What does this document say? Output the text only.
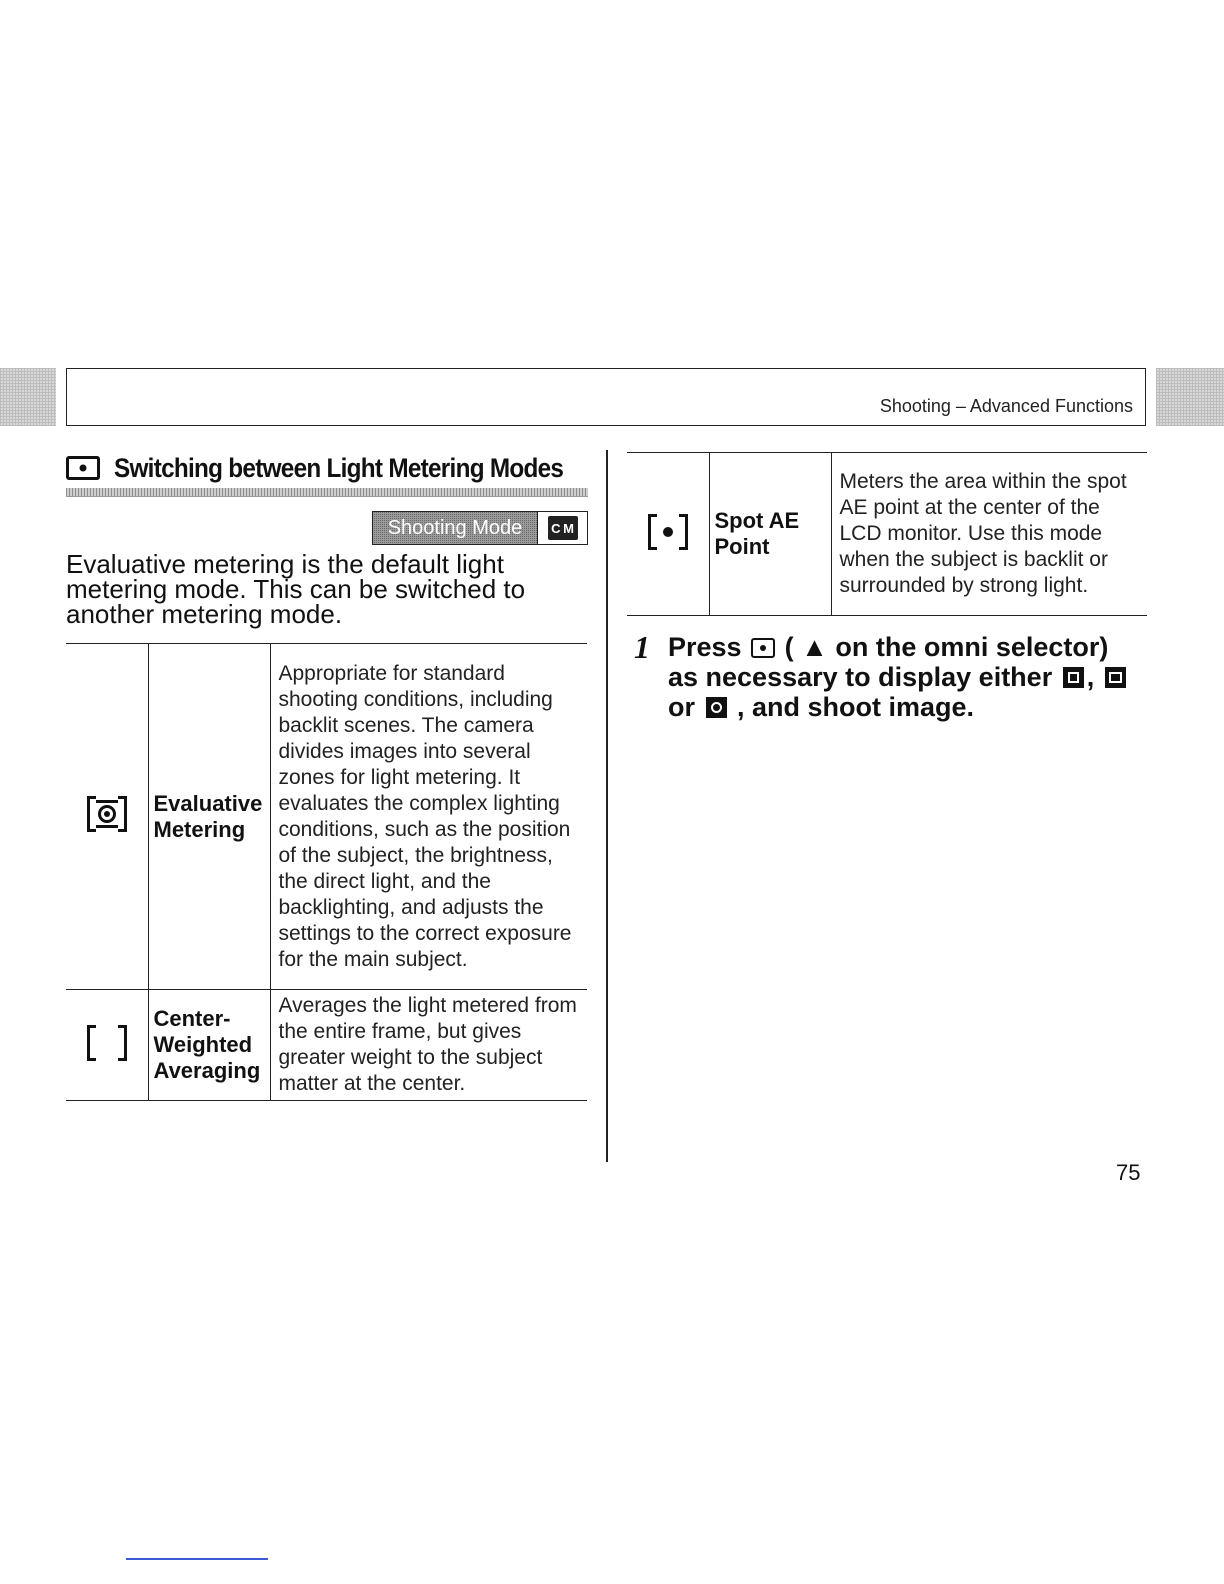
Shooting – Advanced Functions
Switching between Light Metering Modes
Shooting Mode	C M
Evaluative metering is the default light metering mode. This can be switched to another metering mode.
	Evaluative Metering	Appropriate for standard shooting conditions, including backlit scenes. The camera divides images into several zones for light metering. It evaluates the complex lighting conditions, such as the position of the subject, the brightness, the direct light, and the backlighting, and adjusts the settings to the correct exposure for the main subject.

	Center-Weighted Averaging	Averages the light metered from the entire frame, but gives greater weight to the subject matter at the center.
	Spot AE Point	Meters the area within the spot AE point at the center of the LCD monitor. Use this mode when the subject is backlit or surrounded by strong light.
1 Press ( ▲ on the omni selector) as necessary to display either ,  or , and shoot image.
75
